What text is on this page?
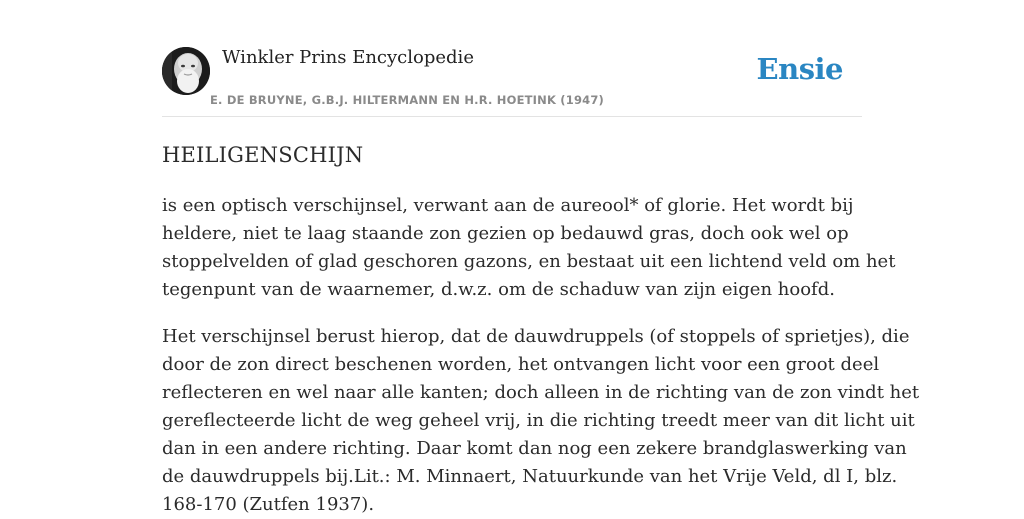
Winkler Prins Encyclopedie
E. DE BRUYNE, G.B.J. HILTERMANN EN H.R. HOETINK (1947)
Ensie
HEILIGENSCHIJN

is een optisch verschijnsel, verwant aan de aureool* of glorie. Het wordt bij
heldere, niet te laag staande zon gezien op bedauwd gras, doch ook wel op
stoppelvelden of glad geschoren gazons, en bestaat uit een lichtend veld om het
tegenpunt van de waarnemer, d.w.z. om de schaduw van zijn eigen hoofd.

Het verschijnsel berust hierop, dat de dauwdruppels (of stoppels of sprietjes), die
door de zon direct beschenen worden, het ontvangen licht voor een groot deel
reflecteren en wel naar alle kanten; doch alleen in de richting van de zon vindt het
gereflecteerde licht de weg geheel vrij, in die richting treedt meer van dit licht uit
dan in een andere richting. Daar komt dan nog een zekere brandglaswerking van
de dauwdruppels bij.Lit.: M. Minnaert, Natuurkunde van het Vrije Veld, dl I, blz.
168-170 (Zutfen 1937).
